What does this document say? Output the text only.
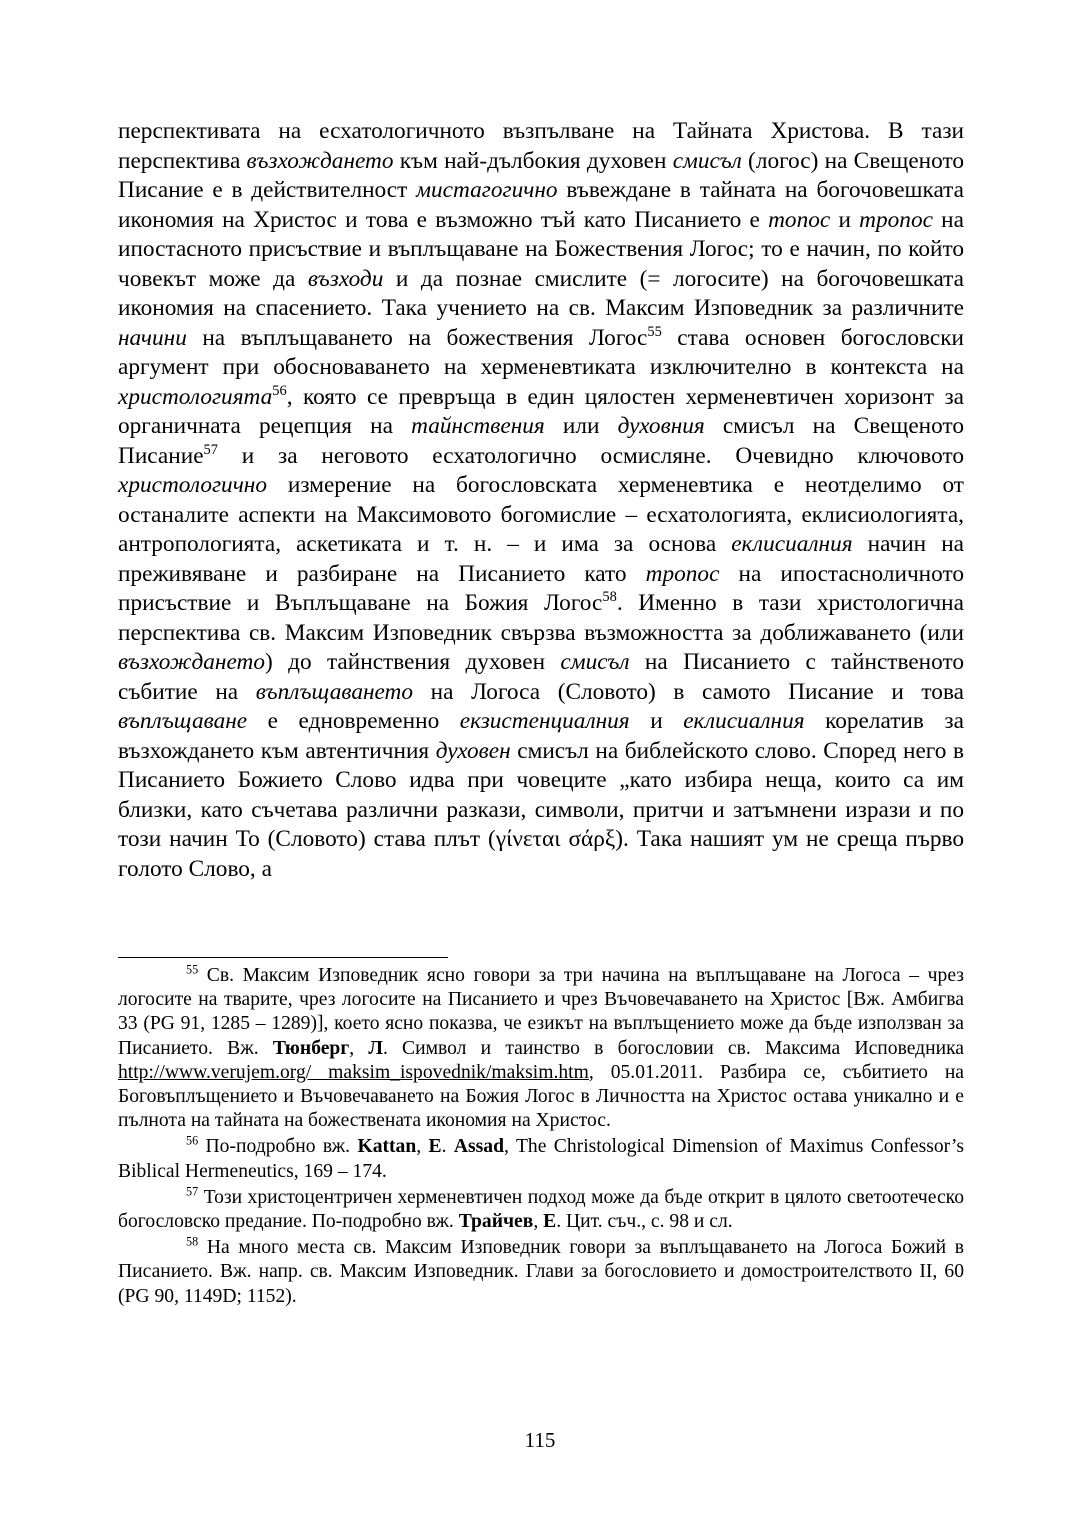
перспективата на есхатологичното възпълване на Тайната Христова. В тази перспектива възхождането към най-дълбокия духовен смисъл (логос) на Свещеното Писание е в действителност мистагогично въвеждане в тайната на богочовешката икономия на Христос и това е възможно тъй като Писанието е топос и тропос на ипостасното присъствие и въплъщаване на Божествения Логос; то е начин, по който човекът може да възходи и да познае смислите (= логосите) на богочовешката икономия на спасението. Така учението на св. Максим Изповедник за различните начини на въплъщаването на божествения Логос$^{55}$ става основен богословски аргумент при обосноваването на херменевтиката изключително в контекста на христологията$^{56}$, която се превръща в един цялостен херменевтичен хоризонт за органичната рецепция на тайнствения или духовния смисъл на Свещеното Писание$^{57}$ и за неговото есхатологично осмисляне. Очевидно ключовото христологично измерение на богословската херменевтика е неотделимо от останалите аспекти на Максимовото богомислие – есхатологията, еклисиологията, антропологията, аскетиката и т. н. – и има за основа еклисиалния начин на преживяване и разбиране на Писанието като тропос на ипостасноличното присъствие и Въплъщаване на Божия Логос$^{58}$. Именно в тази христологична перспектива св. Максим Изповедник свързва възможността за доближаването (или възхождането) до тайнствения духовен смисъл на Писанието с тайнственото събитие на въплъщаването на Логоса (Словото) в самото Писание и това въплъщаване е едновременно екзистенциалния и еклисиалния корелатив за възхождането към автентичния духовен смисъл на библейското слово. Според него в Писанието Божието Слово идва при човеците „като избира неща, които са им близки, като съчетава различни разкази, символи, притчи и затъмнени изрази и по този начин То (Словото) става плът (γίνεται σάρξ). Така нашият ум не среща първо голото Слово, а

$^{55}$ Св. Максим Изповедник ясно говори за три начина на въплъщаване на Логоса – чрез логосите на тварите, чрез логосите на Писанието и чрез Въчовечаването на Христос [Вж. Амбигва 33 (PG 91, 1285 – 1289)], което ясно показва, че езикът на въплъщението може да бъде използван за Писанието. Вж. Тюнберг, Л. Символ и таинство в богословии св. Максима Исповедника http://www.verujem.org/ maksim_ispovednik/maksim.htm, 05.01.2011. Разбира се, събитието на Боговъплъщението и Въчовечаването на Божия Логос в Личността на Христос остава уникално и е пълнота на тайната на божествената икономия на Христос.

$^{56}$ По-подробно вж. Kattan, E. Assad, The Christological Dimension of Maximus Confessor’s Biblical Hermeneutics, 169 – 174.

$^{57}$ Този христоцентричен херменевтичен подход може да бъде открит в цялото светоотеческо богословско предание. По-подробно вж. Трайчев, Е. Цит. съч., с. 98 и сл.

$^{58}$ На много места св. Максим Изповедник говори за въплъщаването на Логоса Божий в Писанието. Вж. напр. св. Максим Изповедник. Глави за богословието и домостроителството II, 60 (PG 90, 1149D; 1152).

115
